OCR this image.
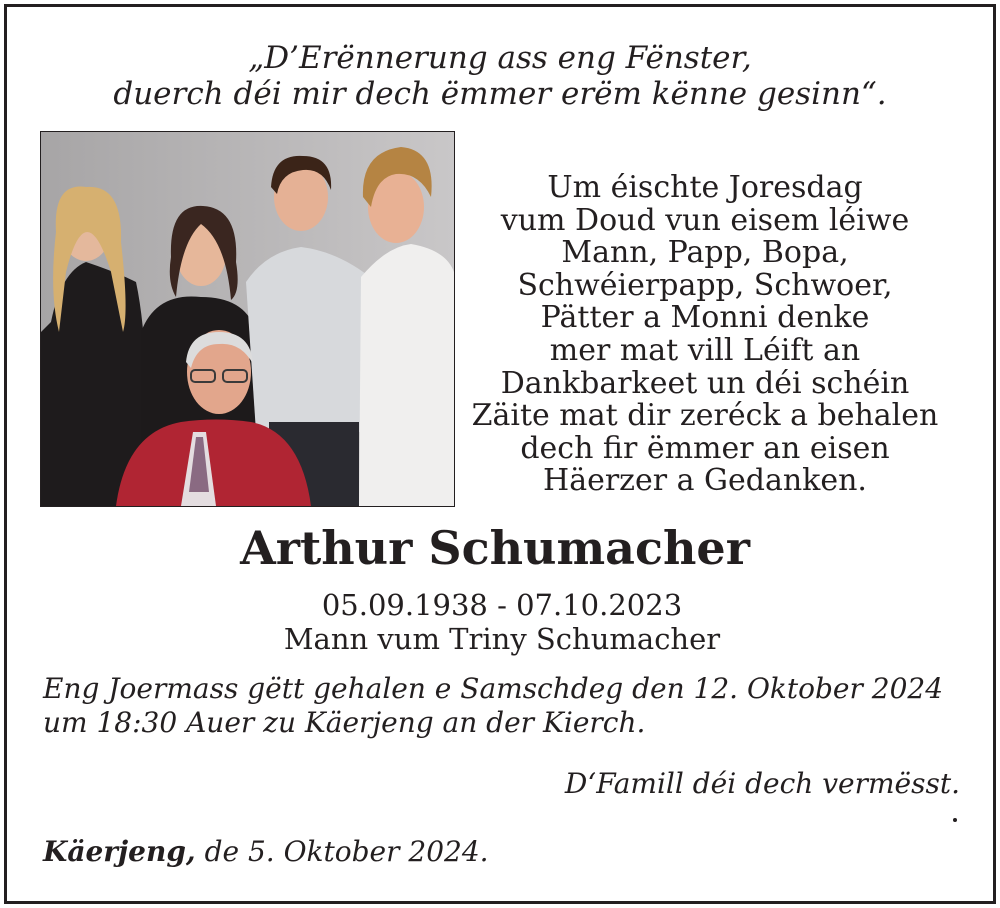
„D’Erënnerung ass eng Fënster,
duerch déi mir dech ëmmer erëm kënne gesinn“.
Um éischte Joresdag
vum Doud vun eisem léiwe
Mann, Papp, Bopa,
Schwéierpapp, Schwoer,
Pätter a Monni denke
mer mat vill Léift an
Dankbarkeet un déi schéin
Zäite mat dir zeréck a behalen
dech fir ëmmer an eisen
Häerzer a Gedanken.
Arthur Schumacher
05.09.1938 - 07.10.2023
Mann vum Triny Schumacher
Eng Joermass gëtt gehalen e Samschdeg den 12. Oktober 2024
um 18:30 Auer zu Käerjeng an der Kierch.
D‘Famill déi dech vermësst.
Käerjeng, de 5. Oktober 2024.
